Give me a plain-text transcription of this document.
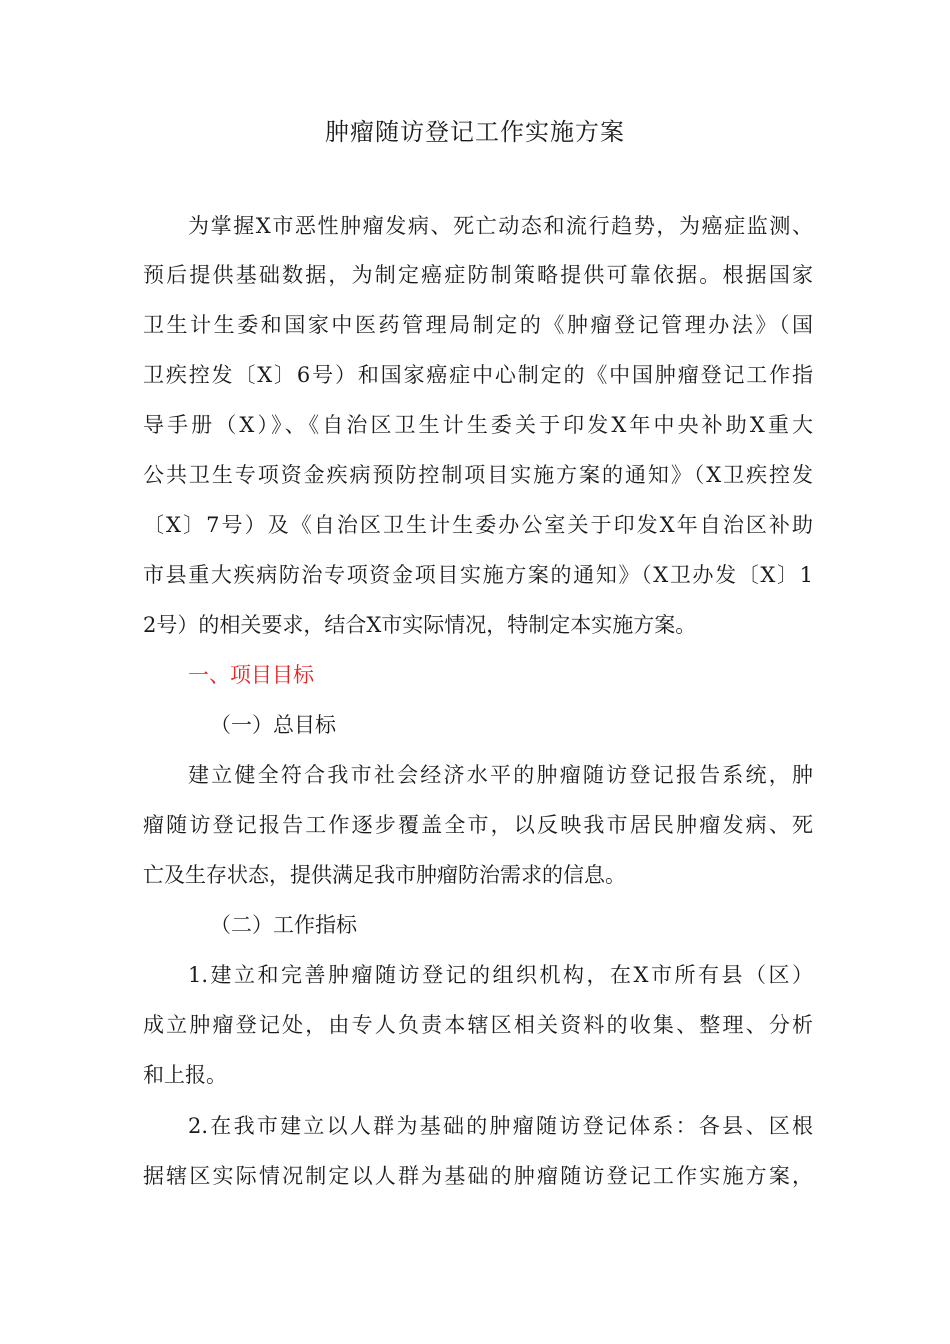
肿瘤随访登记工作实施方案
为掌握X市恶性肿瘤发病、死亡动态和流行趋势，为癌症监测、
预后提供基础数据，为制定癌症防制策略提供可靠依据。根据国家
卫生计生委和国家中医药管理局制定的《肿瘤登记管理办法》（国
卫疾控发〔X〕6号）和国家癌症中心制定的《中国肿瘤登记工作指
导手册（X）》、《自治区卫生计生委关于印发X年中央补助X重大
公共卫生专项资金疾病预防控制项目实施方案的通知》（X卫疾控发
〔X〕7号）及《自治区卫生计生委办公室关于印发X年自治区补助
市县重大疾病防治专项资金项目实施方案的通知》（X卫办发〔X〕1
2号）的相关要求，结合X市实际情况，特制定本实施方案。
一、项目目标
（一）总目标
建立健全符合我市社会经济水平的肿瘤随访登记报告系统，肿
瘤随访登记报告工作逐步覆盖全市，以反映我市居民肿瘤发病、死
亡及生存状态，提供满足我市肿瘤防治需求的信息。
（二）工作指标
1.建立和完善肿瘤随访登记的组织机构，在X市所有县（区）
成立肿瘤登记处，由专人负责本辖区相关资料的收集、整理、分析
和上报。
2.在我市建立以人群为基础的肿瘤随访登记体系：各县、区根
据辖区实际情况制定以人群为基础的肿瘤随访登记工作实施方案，
